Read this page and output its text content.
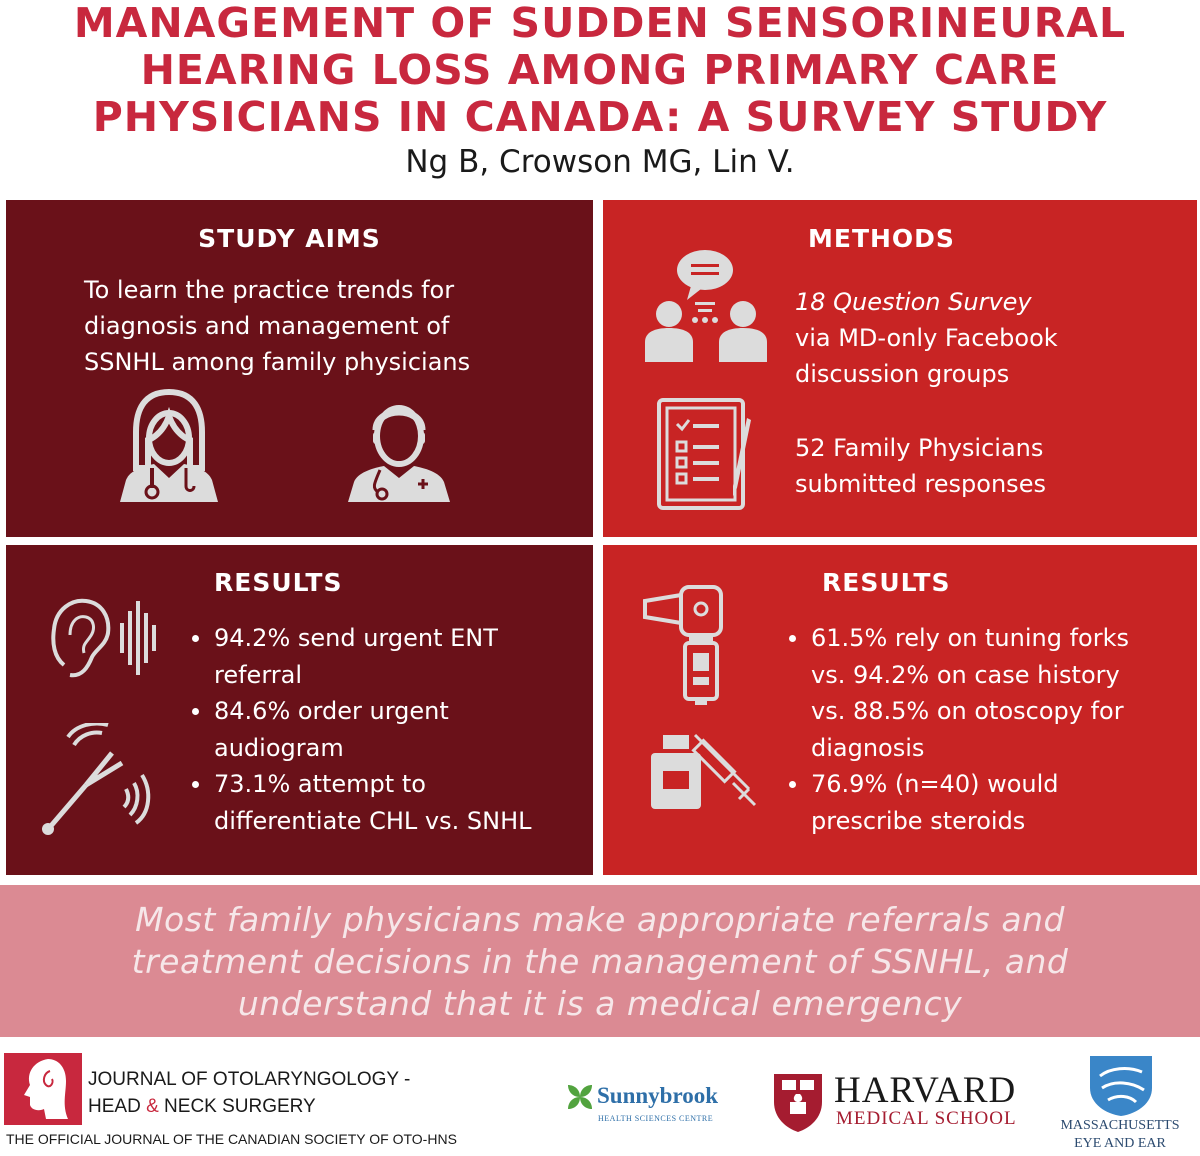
MANAGEMENT OF SUDDEN SENSORINEURAL
HEARING LOSS AMONG PRIMARY CARE
PHYSICIANS IN CANADA: A SURVEY STUDY
Ng B, Crowson MG, Lin V.
STUDY AIMS
To learn the practice trends for
diagnosis and management of
SSNHL among family physicians
METHODS
18 Question Survey
via MD-only Facebook
discussion groups
52 Family Physicians
submitted responses
RESULTS
94.2% send urgent ENT
referral
84.6% order urgent
audiogram
73.1% attempt to
differentiate CHL vs. SNHL
RESULTS
61.5% rely on tuning forks
vs. 94.2% on case history
vs. 88.5% on otoscopy for
diagnosis
76.9% (n=40) would
prescribe steroids
Most family physicians make appropriate referrals and
treatment decisions in the management of SSNHL, and
understand that it is a medical emergency
JOURNAL OF OTOLARYNGOLOGY -
HEAD & NECK SURGERY
THE OFFICIAL JOURNAL OF THE CANADIAN SOCIETY OF OTO-HNS
Sunnybrook
HEALTH SCIENCES CENTRE
HARVARD
MEDICAL SCHOOL	MASSACHUSETTS
EYE AND EAR
